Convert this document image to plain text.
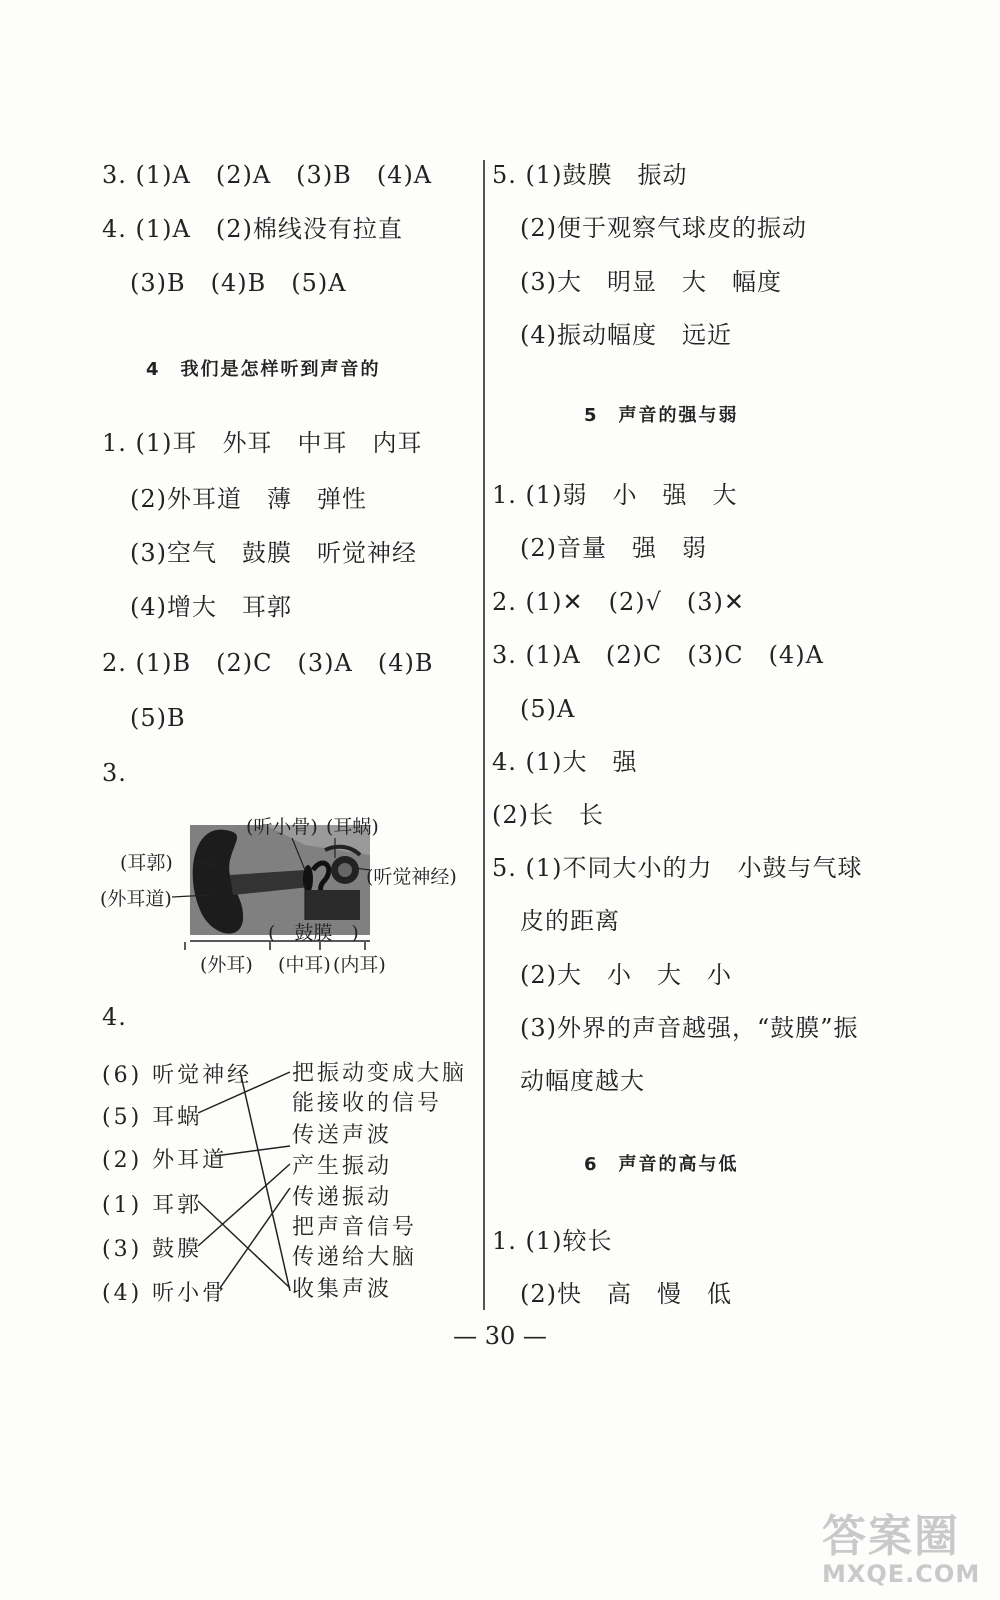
3. (1)A　(2)A　(3)B　(4)A
4. (1)A　(2)棉线没有拉直
(3)B　(4)B　(5)A
4　我们是怎样听到声音的
1. (1)耳　外耳　中耳　内耳
(2)外耳道　薄　弹性
(3)空气　鼓膜　听觉神经
(4)增大　耳郭
2. (1)B　(2)C　(3)A　(4)B
(5)B
3.
(听小骨) (耳蜗)
(耳郭)
(外耳道)
(听觉神经)
(　鼓膜　)
(外耳) (中耳) (内耳)
4.
(6) 听觉神经
(5) 耳蜗
(2) 外耳道
(1) 耳郭
(3) 鼓膜
(4) 听小骨
把振动变成大脑
能接收的信号
传送声波
产生振动
传递振动
把声音信号
传递给大脑
收集声波
5. (1)鼓膜　振动
(2)便于观察气球皮的振动
(3)大　明显　大　幅度
(4)振动幅度　远近
5　声音的强与弱
1. (1)弱　小　强　大
(2)音量　强　弱
2. (1)✕　(2)√　(3)✕
3. (1)A　(2)C　(3)C　(4)A
(5)A
4. (1)大　强
(2)长　长
5. (1)不同大小的力　小鼓与气球
皮的距离
(2)大　小　大　小
(3)外界的声音越强，“鼓膜”振
动幅度越大
6　声音的高与低
1. (1)较长
(2)快　高　慢　低
— 30 —
答案圈
MXQE.COM
